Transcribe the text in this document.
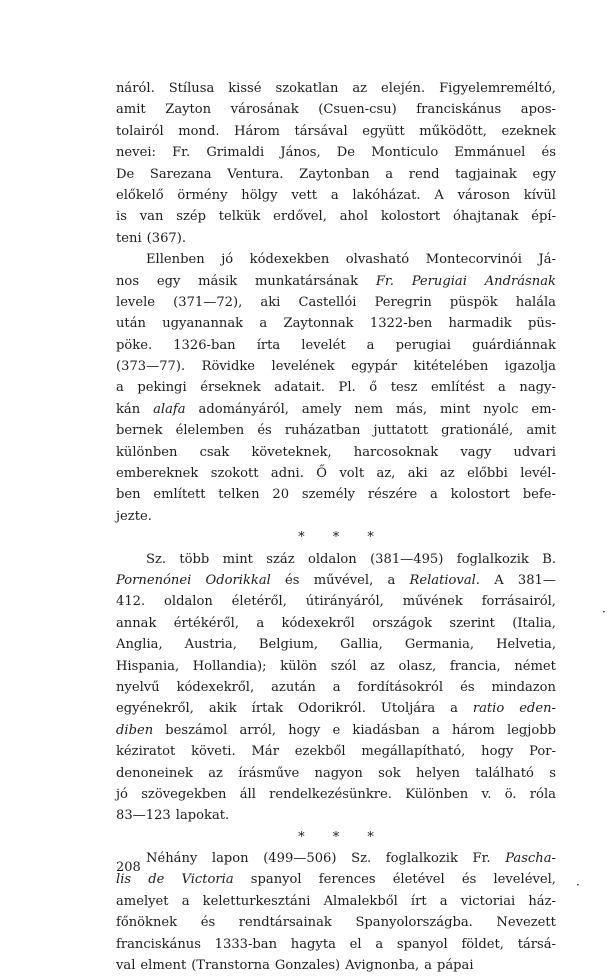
náról. Stílusa kissé szokatlan az elején. Figyelemreméltó,
amit Zayton városának (Csuen-csu) franciskánus apos-
tolairól mond. Három társával együtt működött, ezeknek
nevei: Fr. Grimaldi János, De Monticulo Emmánuel és
De Sarezana Ventura. Zaytonban a rend tagjainak egy
előkelő örmény hölgy vett a lakóházat. A városon kívül
is van szép telkük erdővel, ahol kolostort óhajtanak épí-
teni (367).
Ellenben jó kódexekben olvasható Montecorvinói Já-
nos egy másik munkatársának Fr. Perugiai Andrásnak
levele (371—72), aki Castellói Peregrin püspök halála
után ugyanannak a Zaytonnak 1322-ben harmadik püs-
pöke. 1326-ban írta levelét a perugiai guárdiánnak
(373—77). Rövidke levelének egypár kitételében igazolja
a pekingi érseknek adatait. Pl. ő tesz említést a nagy-
kán alafa adományáról, amely nem más, mint nyolc em-
bernek élelemben és ruházatban juttatott grationálé, amit
különben csak követeknek, harcosoknak vagy udvari
embereknek szokott adni. Ő volt az, aki az előbbi levél-
ben említett telken 20 személy részére a kolostort befe-
jezte.
* * *
Sz. több mint száz oldalon (381—495) foglalkozik B.
Pornenónei Odorikkal és művével, a Relatioval. A 381—
412. oldalon életéről, útirányáról, művének forrásairól,
annak értékéről, a kódexekről országok szerint (Italia,
Anglia, Austria, Belgium, Gallia, Germania, Helvetia,
Hispania, Hollandia); külön szól az olasz, francia, német
nyelvű kódexekről, azután a fordításokról és mindazon
egyénekről, akik írtak Odorikról. Utoljára a ratio eden-
diben beszámol arról, hogy e kiadásban a három legjobb
kéziratot követi. Már ezekből megállapítható, hogy Por-
denoneinek az írásműve nagyon sok helyen található s
jó szövegekben áll rendelkezésünkre. Különben v. ö. róla
83—123 lapokat.
* * *
Néhány lapon (499—506) Sz. foglalkozik Fr. Pascha-
lis de Victoria spanyol ferences életével és levelével,
amelyet a keletturkesztáni Almalekből írt a victoriai ház-
főnöknek és rendtársainak Spanyolországba. Nevezett
franciskánus 1333-ban hagyta el a spanyol földet, társá-
val elment (Transtorna Gonzales) Avignonba, a pápai
208
·
·
